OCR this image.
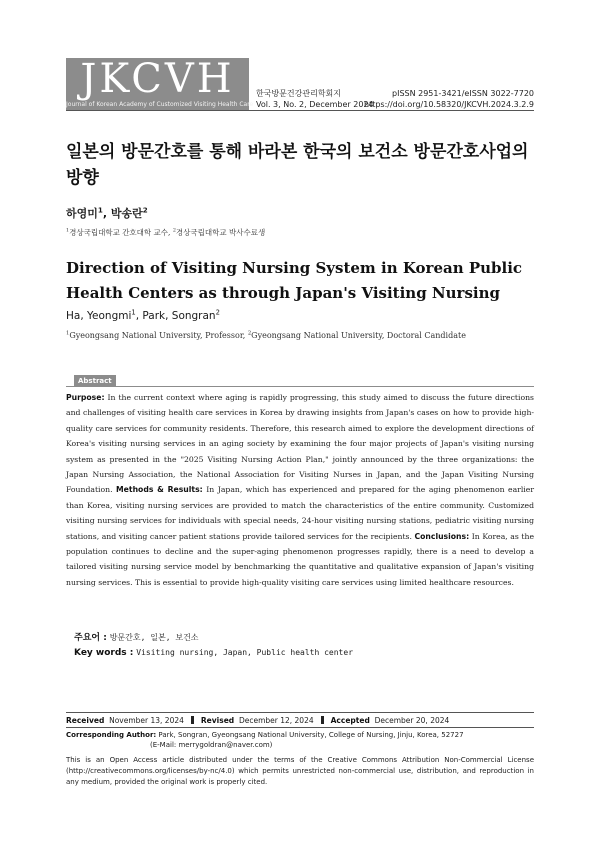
JKCVH
Journal of Korean Academy of Customized Visiting Health Care
한국방문건강관리학회지
Vol. 3, No. 2, December 2024
pISSN 2951-3421/eISSN 3022-7720
https://doi.org/10.58320/JKCVH.2024.3.2.9
일본의 방문간호를 통해 바라본 한국의 보건소 방문간호사업의 방향
하영미$^1$, 박송란$^2$
$^1$경상국립대학교 간호대학 교수, $^2$경상국립대학교 박사수료생
Direction of Visiting Nursing System in Korean Public Health Centers as through Japan's Visiting Nursing
Ha, Yeongmi$^1$, Park, Songran$^2$
$^1$Gyeongsang National University, Professor, $^2$Gyeongsang National University, Doctoral Candidate
Abstract
Purpose: In the current context where aging is rapidly progressing, this study aimed to discuss the future directions and challenges of visiting health care services in Korea by drawing insights from Japan's cases on how to provide high-quality care services for community residents. Therefore, this research aimed to explore the development directions of Korea's visiting nursing services in an aging society by examining the four major projects of Japan's visiting nursing system as presented in the "2025 Visiting Nursing Action Plan," jointly announced by the three organizations: the Japan Nursing Association, the National Association for Visiting Nurses in Japan, and the Japan Visiting Nursing Foundation. Methods & Results: In Japan, which has experienced and prepared for the aging phenomenon earlier than Korea, visiting nursing services are provided to match the characteristics of the entire community. Customized visiting nursing services for individuals with special needs, 24-hour visiting nursing stations, pediatric visiting nursing stations, and visiting cancer patient stations provide tailored services for the recipients. Conclusions: In Korea, as the population continues to decline and the super-aging phenomenon progresses rapidly, there is a need to develop a tailored visiting nursing service model by benchmarking the quantitative and qualitative expansion of Japan's visiting nursing services. This is essential to provide high-quality visiting care services using limited healthcare resources.
주요어 : 방문간호, 일본, 보건소
Key words : Visiting nursing, Japan, Public health center
Received November 13, 2024 Revised December 12, 2024 Accepted December 20, 2024
Corresponding Author: Park, Songran, Gyeongsang National University, College of Nursing, Jinju, Korea, 52727
(E-Mail: merrygoldran@naver.com)
This is an Open Access article distributed under the terms of the Creative Commons Attribution Non-Commercial License (http://creativecommons.org/licenses/by-nc/4.0) which permits unrestricted non-commercial use, distribution, and reproduction in any medium, provided the original work is properly cited.
